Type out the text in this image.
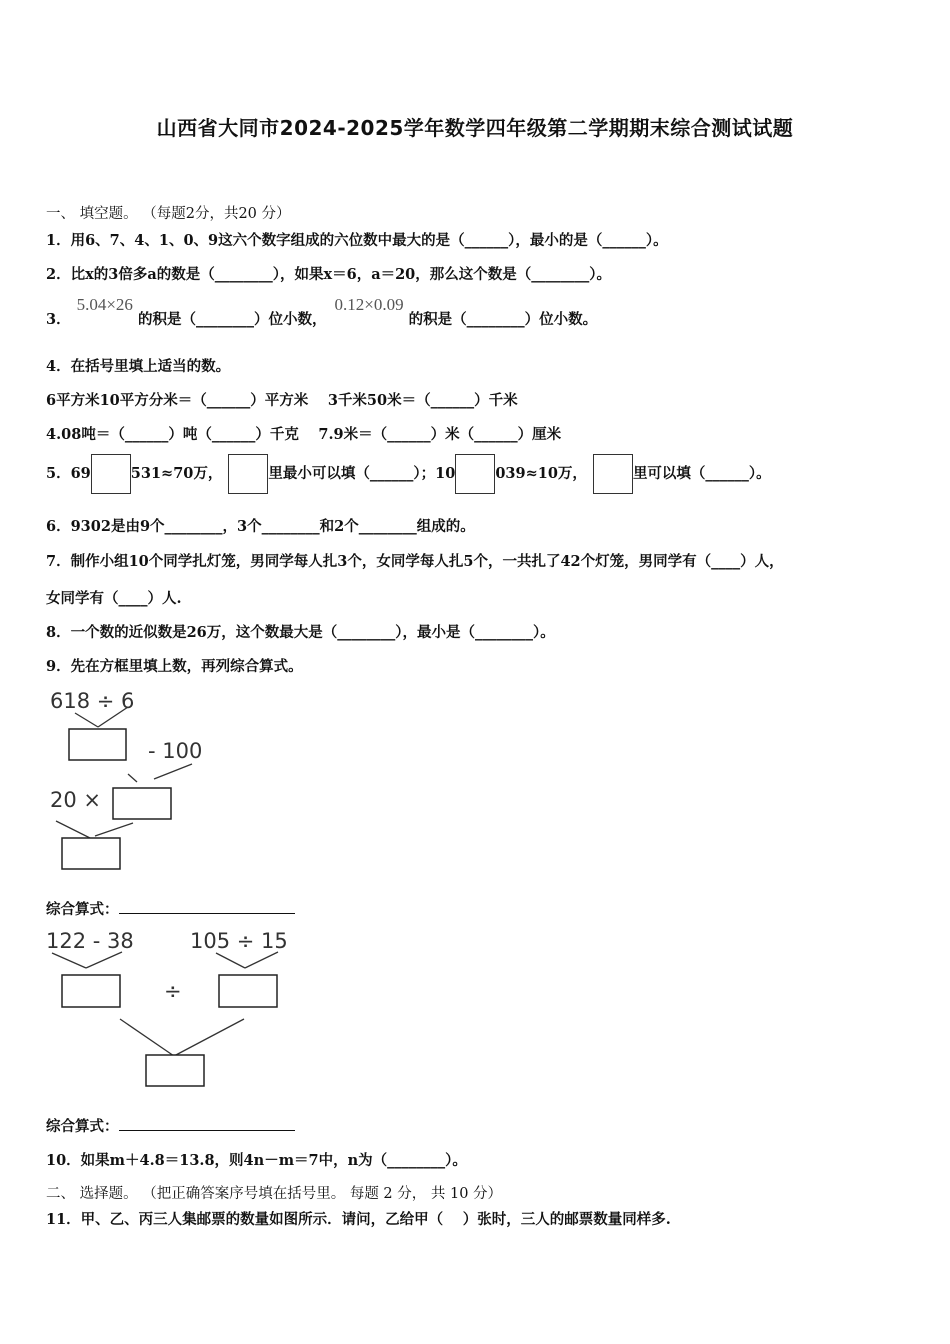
山西省大同市2024-2025学年数学四年级第二学期期末综合测试试题
一、 填空题。 （每题2分，共20 分）
1．用6、7、4、1、0、9这六个数字组成的六位数中最大的是（______），最小的是（______）。
2．比x的3倍多a的数是（________），如果x＝6，a＝20，那么这个数是（________）。
3．5.04×26 的积是（________）位小数，0.12×0.09 的积是（________）位小数。
4．在括号里填上适当的数。
6平方米10平方分米＝（______）平方米　 3千米50米＝（______）千米
4.08吨＝（______）吨（______）千克　 7.9米＝（______）米（______）厘米
5．69	531≈70万，	里最小可以填（______）；10	039≈10万，	里可以填（______）。
6．9302是由9个________，3个________和2个________组成的。
7．制作小组10个同学扎灯笼，男同学每人扎3个，女同学每人扎5个，一共扎了42个灯笼，男同学有（____）人，
女同学有（____）人.
8．一个数的近似数是26万，这个数最大是（________），最小是（________）。
9．先在方框里填上数，再列综合算式。
618 ÷ 6
- 100
20 ×
综合算式：
122 - 38	105 ÷ 15
÷
综合算式：
10．如果m＋4.8＝13.8，则4n－m＝7中，n为（________）。
二、 选择题。 （把正确答案序号填在括号里。 每题 2 分， 共 10 分）
11．甲、乙、丙三人集邮票的数量如图所示．请问，乙给甲（　 ）张时，三人的邮票数量同样多.
